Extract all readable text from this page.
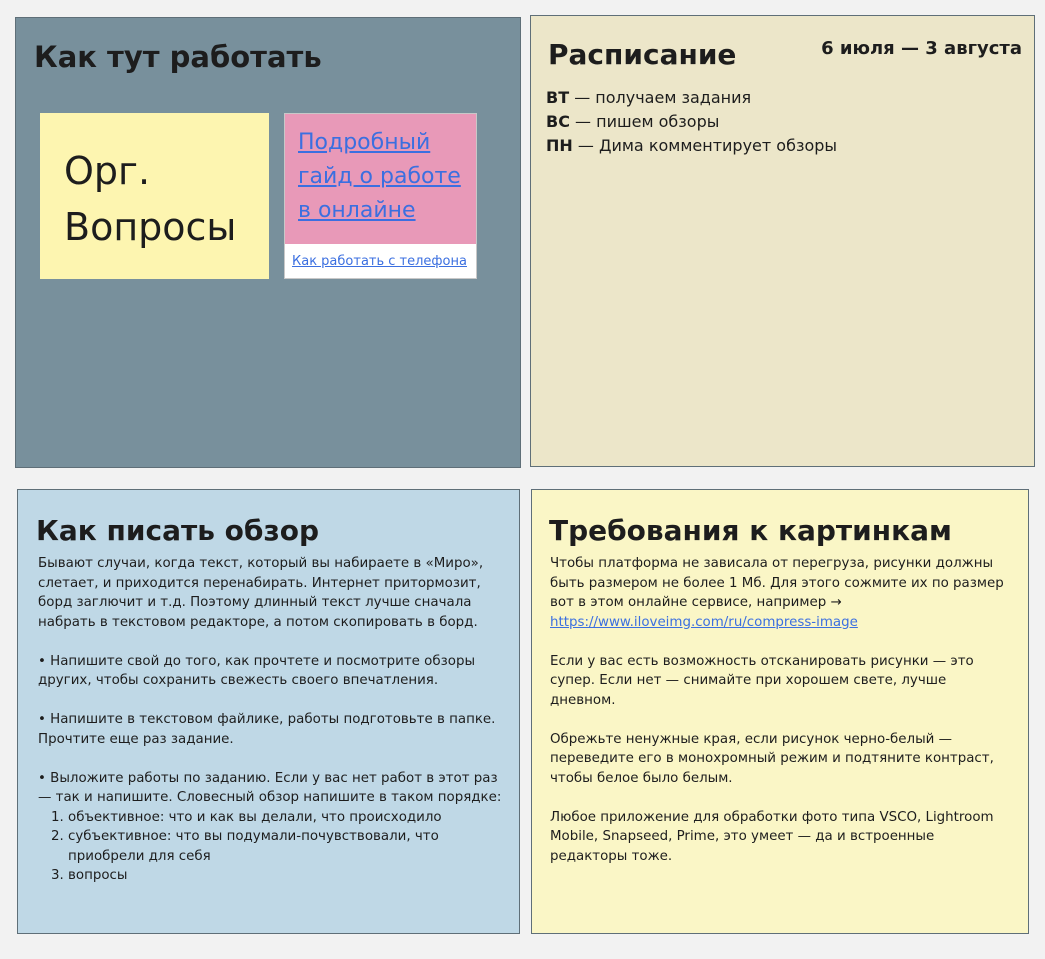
Как тут работать
Орг.
Вопросы
Подробный гайд о работе в онлайне
Как работать с телефона
Расписание	6 июля — 3 августа
ВТ — получаем задания
ВС — пишем обзоры
ПН — Дима комментирует обзоры
Как писать обзор

Бывают случаи, когда текст, который вы набираете в «Миро», слетает, и приходится перенабирать. Интернет притормозит, борд заглючит и т.д. Поэтому длинный текст лучше сначала набрать в текстовом редакторе, а потом скопировать в борд.

• Напишите свой до того, как прочтете и посмотрите обзоры других, чтобы сохранить свежесть своего впечатления.

• Напишите в текстовом файлике, работы подготовьте в папке. Прочтите еще раз задание.

• Выложите работы по заданию. Если у вас нет работ в этот раз — так и напишите. Словесный обзор напишите в таком порядке:

1. объективное: что и как вы делали, что происходило
2. субъективное: что вы подумали-почувствовали, что приобрели для себя
3. вопросы
Требования к картинкам

Чтобы платформа не зависала от перегруза, рисунки должны быть размером не более 1 Мб. Для этого сожмите их по размер вот в этом онлайне сервисе, например →
https://www.iloveimg.com/ru/compress-image

Если у вас есть возможность отсканировать рисунки — это супер. Если нет — снимайте при хорошем свете, лучше дневном.

Обрежьте ненужные края, если рисунок черно-белый — переведите его в монохромный режим и подтяните контраст, чтобы белое было белым.

Любое приложение для обработки фото типа VSCO, Lightroom Mobile, Snapseed, Prime, это умеет — да и встроенные редакторы тоже.
